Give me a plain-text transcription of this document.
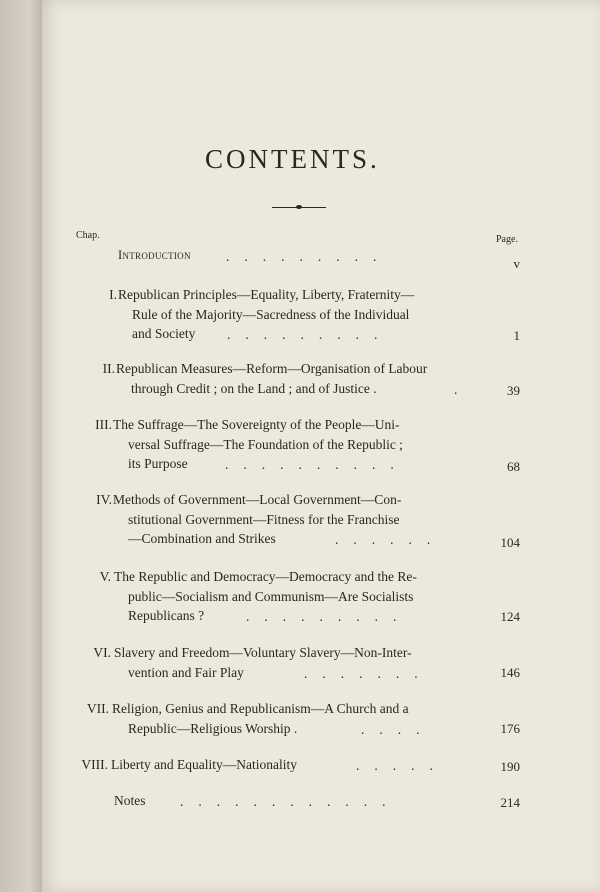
CONTENTS.
Chap.	Page.
Introduction	.........	v
I. Republican Principles—Equality, Liberty, Fraternity—
Rule of the Majority—Sacredness of the Individual
and Society .........	1
II. Republican Measures—Reform—Organisation of Labour
through Credit ; on the Land ; and of Justice .	.	39
III. The Suffrage—The Sovereignty of the People—Uni-
versal Suffrage—The Foundation of the Republic ;
its Purpose	..........	68
IV. Methods of Government—Local Government—Con-
stitutional Government—Fitness for the Franchise
—Combination and Strikes	......	104
V. The Republic and Democracy—Democracy and the Re-
public—Socialism and Communism—Are Socialists
Republicans ?	.........	124
VI. Slavery and Freedom—Voluntary Slavery—Non-Inter-
vention and Fair Play	.......	146
VII. Religion, Genius and Republicanism—A Church and a
Republic—Religious Worship .	....	176
VIII. Liberty and Equality—Nationality	.....	190
Notes	............	214
